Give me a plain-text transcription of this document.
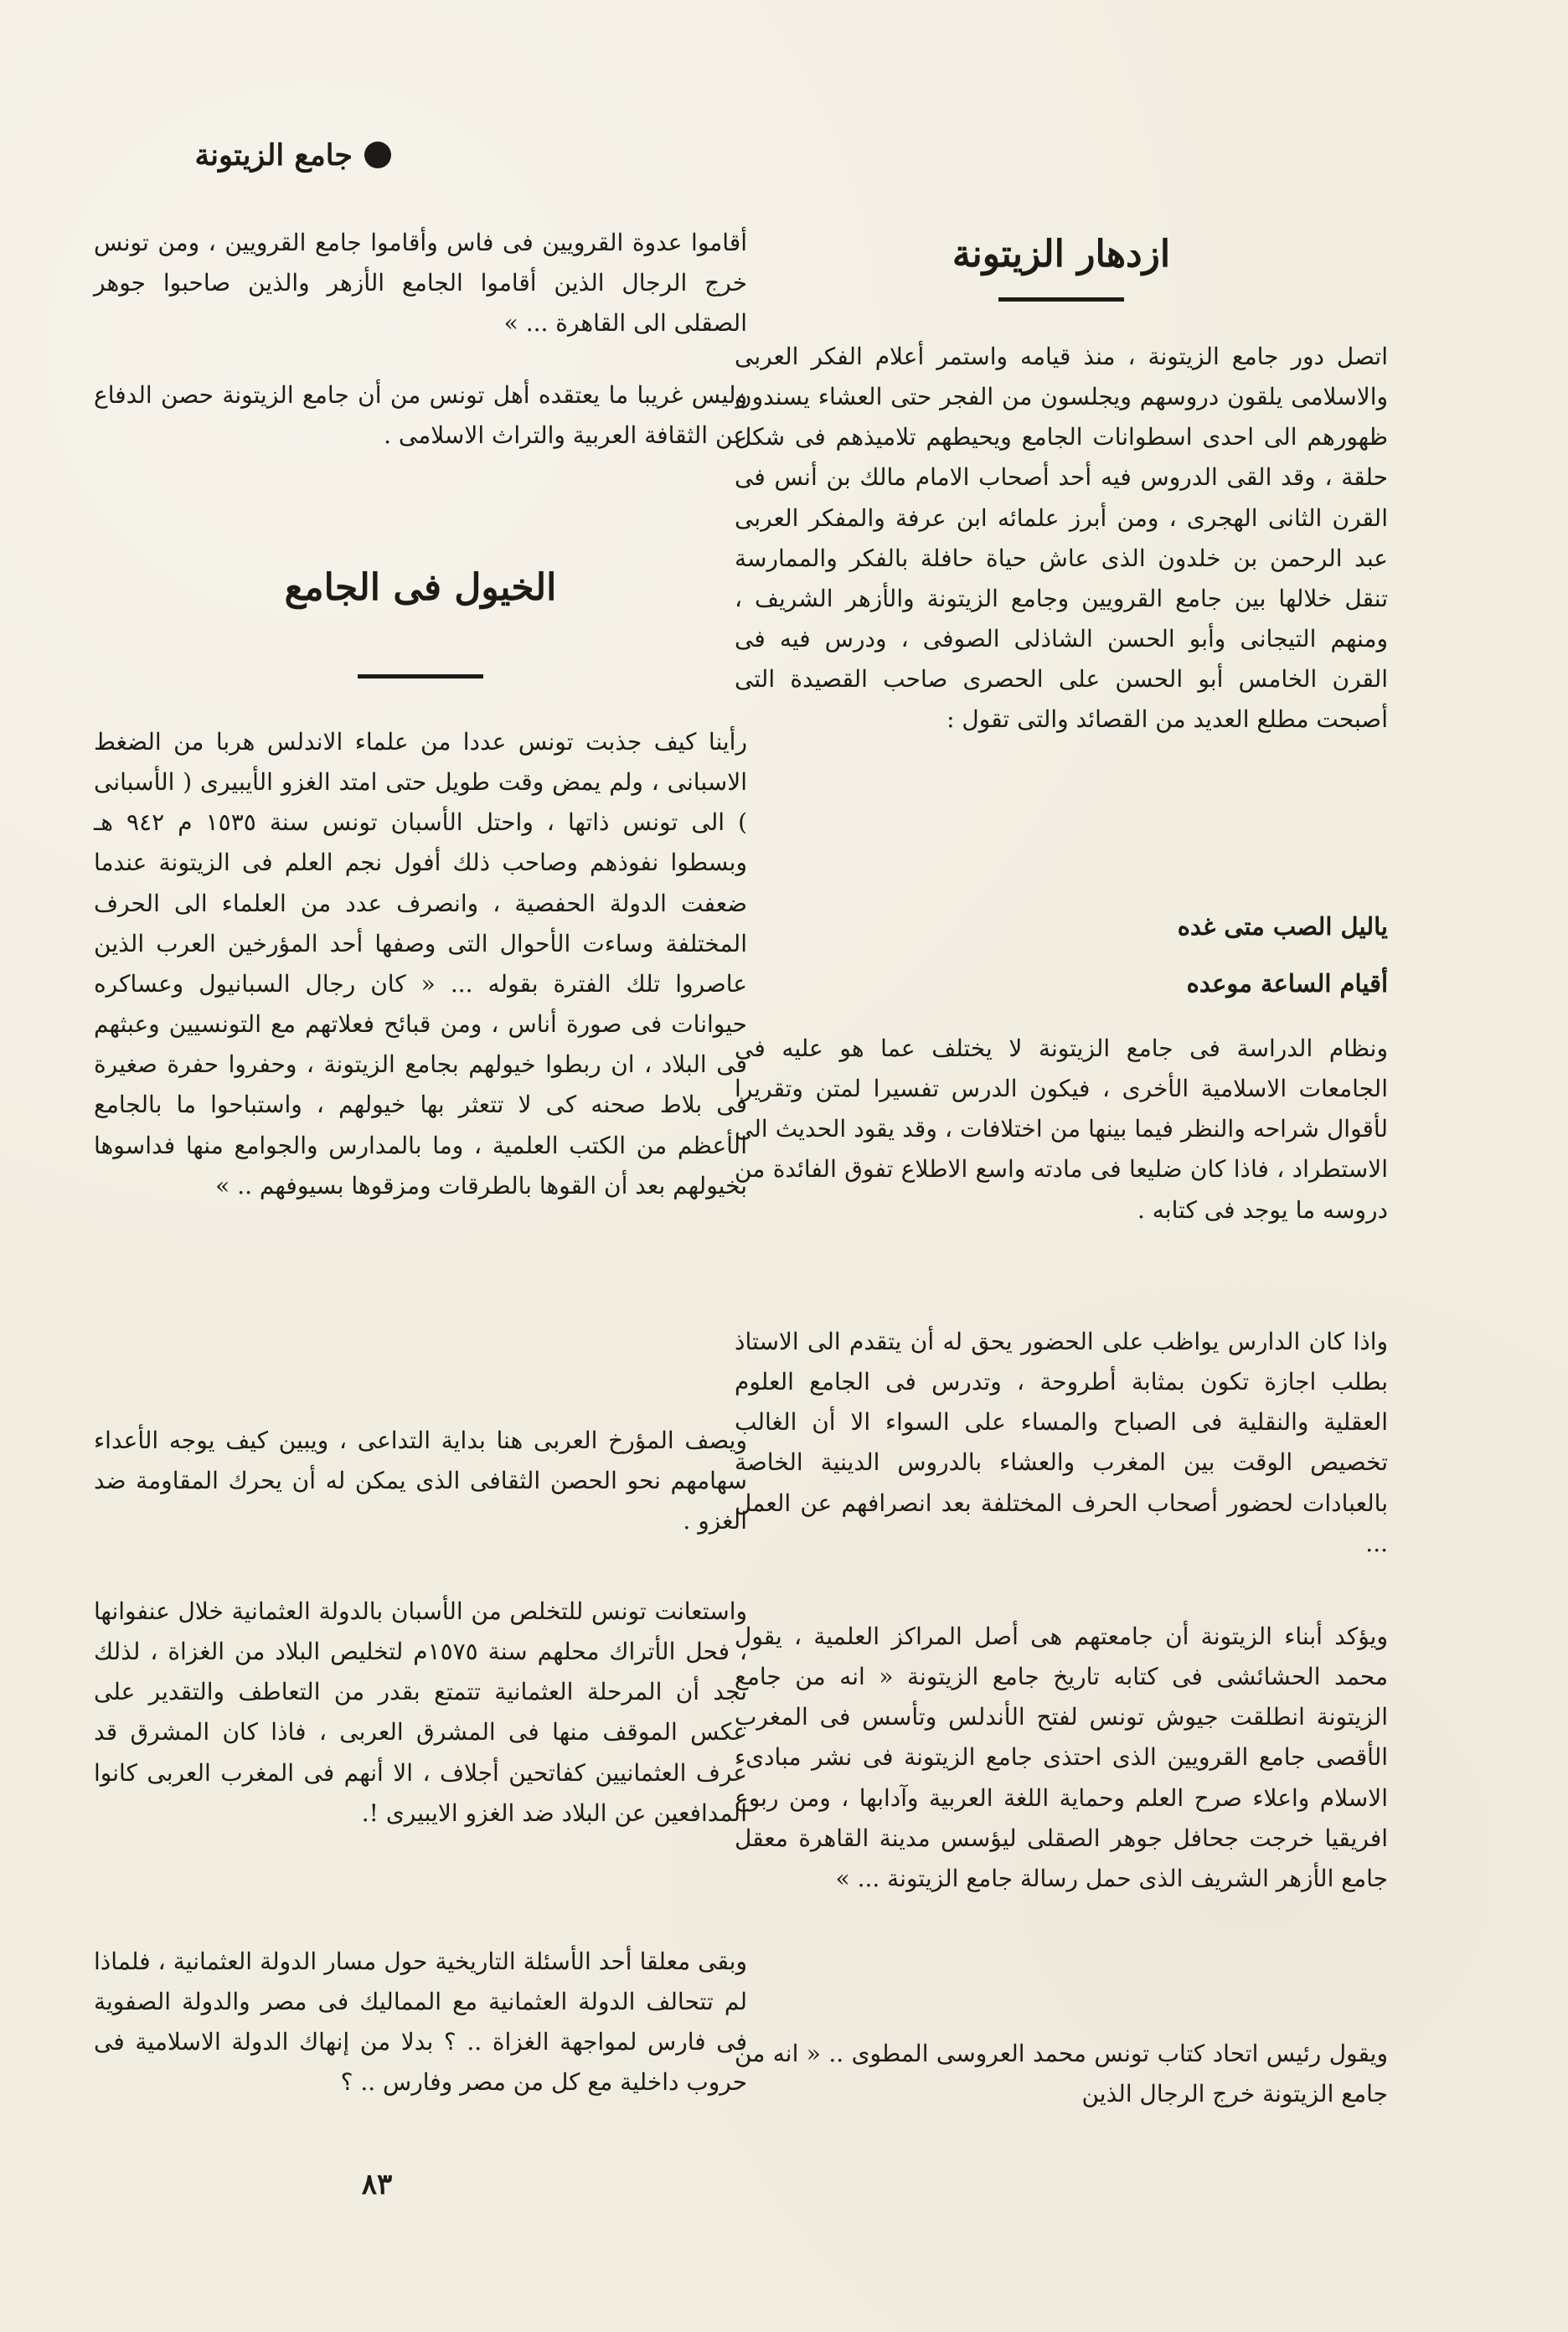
جامع الزيتونة
ازدهار الزيتونة

اتصل دور جامع الزيتونة ، منذ قيامه واستمر أعلام الفكر العربى والاسلامى يلقون دروسهم ويجلسون من الفجر حتى العشاء يسندون ظهورهم الى احدى اسطوانات الجامع ويحيطهم تلاميذهم فى شكل حلقة ، وقد القى الدروس فيه أحد أصحاب الامام مالك بن أنس فى القرن الثانى الهجرى ، ومن أبرز علمائه ابن عرفة والمفكر العربى عبد الرحمن بن خلدون الذى عاش حياة حافلة بالفكر والممارسة تنقل خلالها بين جامع القرويين وجامع الزيتونة والأزهر الشريف ، ومنهم التيجانى وأبو الحسن الشاذلى الصوفى ، ودرس فيه فى القرن الخامس أبو الحسن على الحصرى صاحب القصيدة التى أصبحت مطلع العديد من القصائد والتى تقول :

ياليل الصب متى غده

أقيام الساعة موعده

ونظام الدراسة فى جامع الزيتونة لا يختلف عما هو عليه فى الجامعات الاسلامية الأخرى ، فيكون الدرس تفسيرا لمتن وتقريرا لأقوال شراحه والنظر فيما بينها من اختلافات ، وقد يقود الحديث الى الاستطراد ، فاذا كان ضليعا فى مادته واسع الاطلاع تفوق الفائدة من دروسه ما يوجد فى كتابه .

واذا كان الدارس يواظب على الحضور يحق له أن يتقدم الى الاستاذ بطلب اجازة تكون بمثابة أطروحة ، وتدرس فى الجامع العلوم العقلية والنقلية فى الصباح والمساء على السواء الا أن الغالب تخصيص الوقت بين المغرب والعشاء بالدروس الدينية الخاصة بالعبادات لحضور أصحاب الحرف المختلفة بعد انصرافهم عن العمل ...

ويؤكد أبناء الزيتونة أن جامعتهم هى أصل المراكز العلمية ، يقول محمد الحشائشى فى كتابه تاريخ جامع الزيتونة « انه من جامع الزيتونة انطلقت جيوش تونس لفتح الأندلس وتأسس فى المغرب الأقصى جامع القرويين الذى احتذى جامع الزيتونة فى نشر مبادىء الاسلام واعلاء صرح العلم وحماية اللغة العربية وآدابها ، ومن ربوع افريقيا خرجت جحافل جوهر الصقلى ليؤسس مدينة القاهرة معقل جامع الأزهر الشريف الذى حمل رسالة جامع الزيتونة ... »

ويقول رئيس اتحاد كتاب تونس محمد العروسى المطوى .. « انه من جامع الزيتونة خرج الرجال الذين

أقاموا عدوة القرويين فى فاس وأقاموا جامع القرويين ، ومن تونس خرج الرجال الذين أقاموا الجامع الأزهر والذين صاحبوا جوهر الصقلى الى القاهرة ... »

وليس غريبا ما يعتقده أهل تونس من أن جامع الزيتونة حصن الدفاع عن الثقافة العربية والتراث الاسلامى .

الخيول فى الجامع

رأينا كيف جذبت تونس عددا من علماء الاندلس هربا من الضغط الاسبانى ، ولم يمض وقت طويل حتى امتد الغزو الأيبيرى ( الأسبانى ) الى تونس ذاتها ، واحتل الأسبان تونس سنة ١٥٣٥ م ٩٤٢ هـ وبسطوا نفوذهم وصاحب ذلك أفول نجم العلم فى الزيتونة عندما ضعفت الدولة الحفصية ، وانصرف عدد من العلماء الى الحرف المختلفة وساءت الأحوال التى وصفها أحد المؤرخين العرب الذين عاصروا تلك الفترة بقوله ... « كان رجال السبانيول وعساكره حيوانات فى صورة أناس ، ومن قبائح فعلاتهم مع التونسيين وعبثهم فى البلاد ، ان ربطوا خيولهم بجامع الزيتونة ، وحفروا حفرة صغيرة فى بلاط صحنه كى لا تتعثر بها خيولهم ، واستباحوا ما بالجامع الأعظم من الكتب العلمية ، وما بالمدارس والجوامع منها فداسوها بخيولهم بعد أن القوها بالطرقات ومزقوها بسيوفهم .. »

ويصف المؤرخ العربى هنا بداية التداعى ، ويبين كيف يوجه الأعداء سهامهم نحو الحصن الثقافى الذى يمكن له أن يحرك المقاومة ضد الغزو .

واستعانت تونس للتخلص من الأسبان بالدولة العثمانية خلال عنفوانها ، فحل الأتراك محلهم سنة ١٥٧٥م لتخليص البلاد من الغزاة ، لذلك نجد أن المرحلة العثمانية تتمتع بقدر من التعاطف والتقدير على عكس الموقف منها فى المشرق العربى ، فاذا كان المشرق قد عرف العثمانيين كفاتحين أجلاف ، الا أنهم فى المغرب العربى كانوا المدافعين عن البلاد ضد الغزو الايبيرى !.

وبقى معلقا أحد الأسئلة التاريخية حول مسار الدولة العثمانية ، فلماذا لم تتحالف الدولة العثمانية مع المماليك فى مصر والدولة الصفوية فى فارس لمواجهة الغزاة .. ؟ بدلا من إنهاك الدولة الاسلامية فى حروب داخلية مع كل من مصر وفارس .. ؟

٨٣
